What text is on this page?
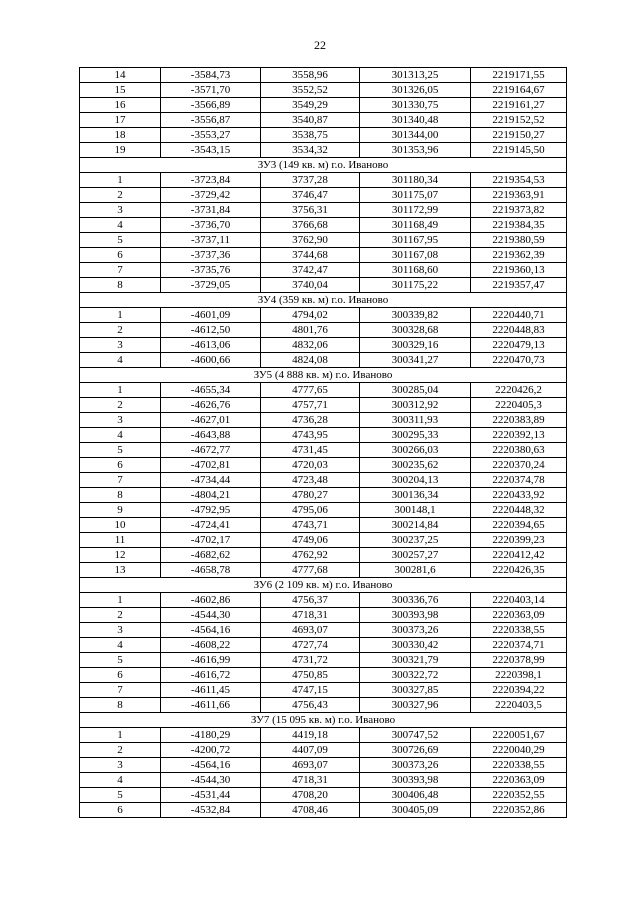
22
14	-3584,73	3558,96	301313,25	2219171,55
15	-3571,70	3552,52	301326,05	2219164,67
16	-3566,89	3549,29	301330,75	2219161,27
17	-3556,87	3540,87	301340,48	2219152,52
18	-3553,27	3538,75	301344,00	2219150,27
19	-3543,15	3534,32	301353,96	2219145,50
ЗУ3 (149 кв. м) г.о. Иваново				
1	-3723,84	3737,28	301180,34	2219354,53
2	-3729,42	3746,47	301175,07	2219363,91
3	-3731,84	3756,31	301172,99	2219373,82
4	-3736,70	3766,68	301168,49	2219384,35
5	-3737,11	3762,90	301167,95	2219380,59
6	-3737,36	3744,68	301167,08	2219362,39
7	-3735,76	3742,47	301168,60	2219360,13
8	-3729,05	3740,04	301175,22	2219357,47
ЗУ4 (359 кв. м) г.о. Иваново				
1	-4601,09	4794,02	300339,82	2220440,71
2	-4612,50	4801,76	300328,68	2220448,83
3	-4613,06	4832,06	300329,16	2220479,13
4	-4600,66	4824,08	300341,27	2220470,73
ЗУ5 (4 888 кв. м) г.о. Иваново				
1	-4655,34	4777,65	300285,04	2220426,2
2	-4626,76	4757,71	300312,92	2220405,3
3	-4627,01	4736,28	300311,93	2220383,89
4	-4643,88	4743,95	300295,33	2220392,13
5	-4672,77	4731,45	300266,03	2220380,63
6	-4702,81	4720,03	300235,62	2220370,24
7	-4734,44	4723,48	300204,13	2220374,78
8	-4804,21	4780,27	300136,34	2220433,92
9	-4792,95	4795,06	300148,1	2220448,32
10	-4724,41	4743,71	300214,84	2220394,65
11	-4702,17	4749,06	300237,25	2220399,23
12	-4682,62	4762,92	300257,27	2220412,42
13	-4658,78	4777,68	300281,6	2220426,35
ЗУ6 (2 109 кв. м) г.о. Иваново				
1	-4602,86	4756,37	300336,76	2220403,14
2	-4544,30	4718,31	300393,98	2220363,09
3	-4564,16	4693,07	300373,26	2220338,55
4	-4608,22	4727,74	300330,42	2220374,71
5	-4616,99	4731,72	300321,79	2220378,99
6	-4616,72	4750,85	300322,72	2220398,1
7	-4611,45	4747,15	300327,85	2220394,22
8	-4611,66	4756,43	300327,96	2220403,5
ЗУ7 (15 095 кв. м) г.о. Иваново				
1	-4180,29	4419,18	300747,52	2220051,67
2	-4200,72	4407,09	300726,69	2220040,29
3	-4564,16	4693,07	300373,26	2220338,55
4	-4544,30	4718,31	300393,98	2220363,09
5	-4531,44	4708,20	300406,48	2220352,55
6	-4532,84	4708,46	300405,09	2220352,86
